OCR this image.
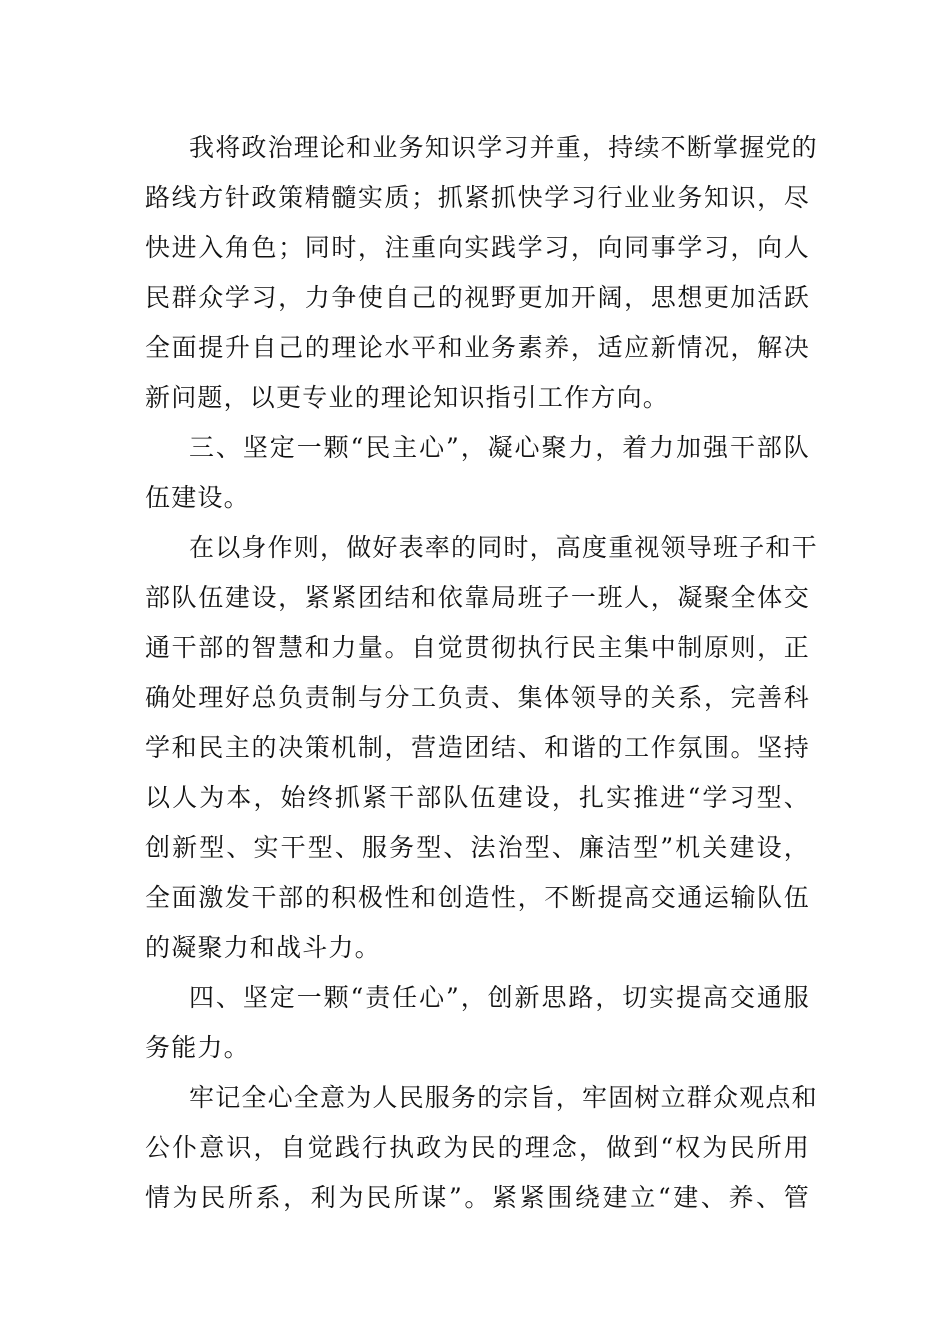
我将政治理论和业务知识学习并重，持续不断掌握党的
路线方针政策精髓实质；抓紧抓快学习行业业务知识，尽
快进入角色；同时，注重向实践学习，向同事学习，向人
民群众学习，力争使自己的视野更加开阔，思想更加活跃
全面提升自己的理论水平和业务素养，适应新情况，解决
新问题，以更专业的理论知识指引工作方向。
三、坚定一颗“民主心”，凝心聚力，着力加强干部队
伍建设。
在以身作则，做好表率的同时，高度重视领导班子和干
部队伍建设，紧紧团结和依靠局班子一班人，凝聚全体交
通干部的智慧和力量。自觉贯彻执行民主集中制原则，正
确处理好总负责制与分工负责、集体领导的关系，完善科
学和民主的决策机制，营造团结、和谐的工作氛围。坚持
以人为本，始终抓紧干部队伍建设，扎实推进“学习型、
创新型、实干型、服务型、法治型、廉洁型”机关建设，
全面激发干部的积极性和创造性，不断提高交通运输队伍
的凝聚力和战斗力。
四、坚定一颗“责任心”，创新思路，切实提高交通服
务能力。
牢记全心全意为人民服务的宗旨，牢固树立群众观点和
公仆意识，自觉践行执政为民的理念，做到“权为民所用
情为民所系，利为民所谋”。紧紧围绕建立“建、养、管
